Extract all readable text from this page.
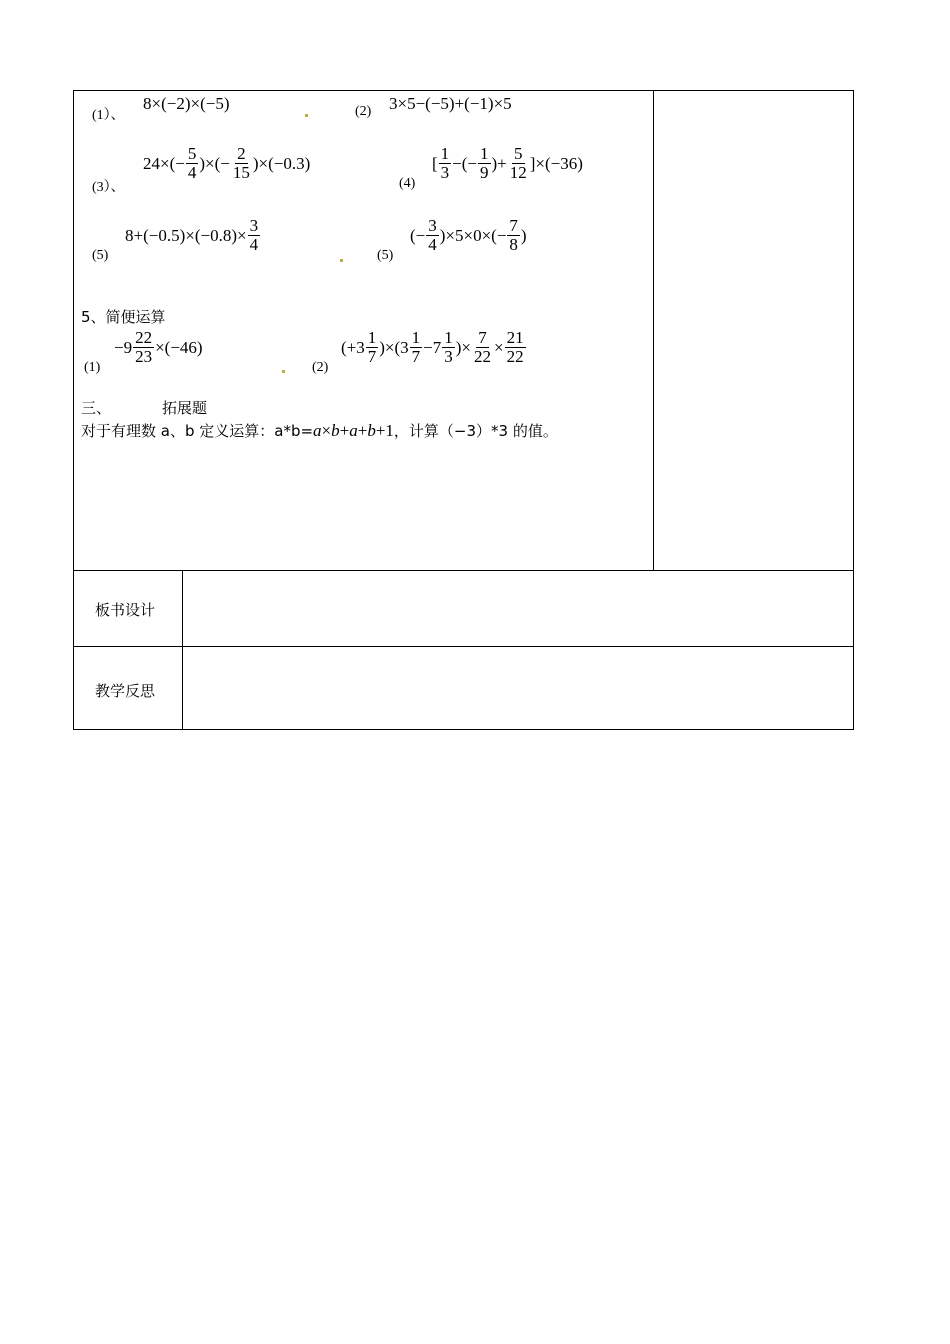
(1）、
8×(−2)×(−5)	(2) 3×5−(−5)+(−1)×5
(3）、
$24\times(- \frac{5}{4}$ )×(− $\frac{2}{15} )\times(-0.3)$
(4)
[ $\frac{1}{3}$ −(− $\frac{1}{9}$ )+ $\frac{5}{12} ]\times(-36)$
(5)
$8+(-0.5)\times(-0.8)\times \frac{3}{4}$
(5)
(− $\frac{3}{4} )\times 5\times 0\times(- \frac{7}{8}$ )
5、简便运算
(1)
$-9 \frac{22}{23} \times(-46)$
(2)
$(+3 \frac{1}{7} )\times(3 \frac{1}{7} -7 \frac{1}{3}$ )× $\frac{7}{22} \times \frac{21}{22}$
三、	拓展题
对于有理数 a、b 定义运算：a*b= a × b + a + b +1 ，计算（−3）*3 的值。
板书设计
教学反思
